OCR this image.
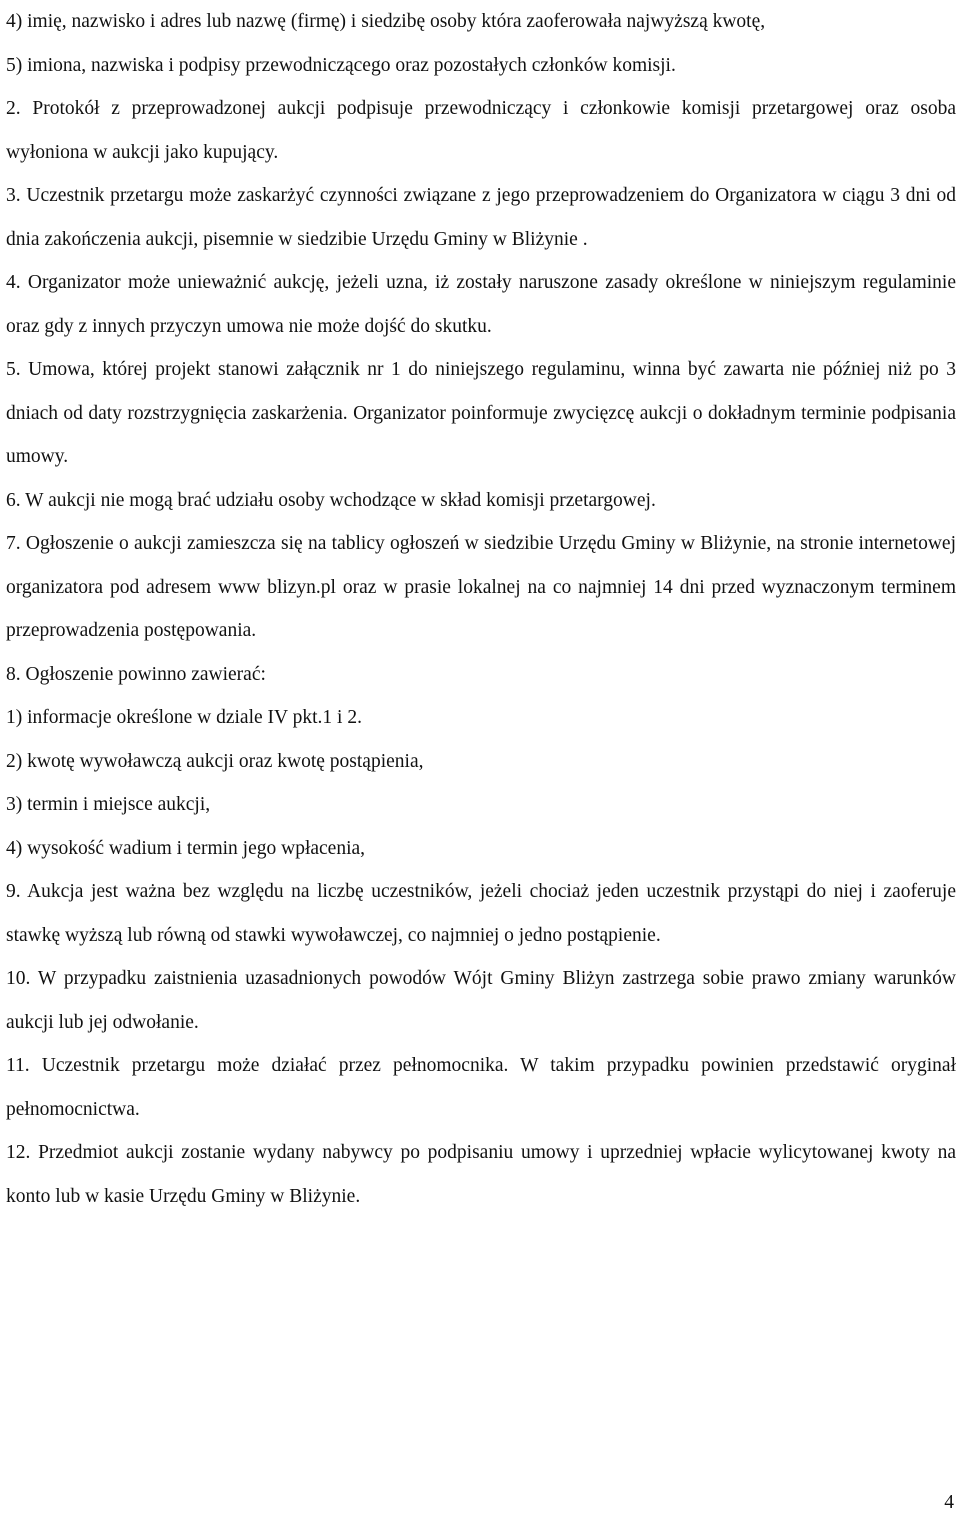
4) imię, nazwisko i adres lub nazwę (firmę) i siedzibę osoby która zaoferowała najwyższą kwotę,

5) imiona, nazwiska i podpisy przewodniczącego oraz pozostałych członków komisji.

2. Protokół z przeprowadzonej aukcji podpisuje przewodniczący i członkowie komisji przetargowej oraz osoba wyłoniona w aukcji jako kupujący.

3. Uczestnik przetargu może zaskarżyć czynności związane z jego przeprowadzeniem do Organizatora w ciągu 3 dni od dnia zakończenia aukcji, pisemnie w siedzibie Urzędu Gminy w Bliżynie .

4. Organizator może unieważnić aukcję, jeżeli uzna, iż zostały naruszone zasady określone w niniejszym regulaminie oraz gdy z innych przyczyn umowa nie może dojść do skutku.

5. Umowa, której projekt stanowi załącznik nr 1 do niniejszego regulaminu, winna być zawarta nie później niż po 3 dniach od daty rozstrzygnięcia zaskarżenia. Organizator poinformuje zwycięzcę aukcji o dokładnym terminie podpisania umowy.

6. W aukcji nie mogą brać udziału osoby wchodzące w skład komisji przetargowej.

7. Ogłoszenie o aukcji zamieszcza się na tablicy ogłoszeń w siedzibie Urzędu Gminy w Bliżynie, na stronie internetowej organizatora pod adresem www blizyn.pl oraz w prasie lokalnej na co najmniej 14 dni przed wyznaczonym terminem przeprowadzenia postępowania.

8. Ogłoszenie powinno zawierać:

1) informacje określone w dziale IV pkt.1 i 2.

2) kwotę wywoławczą aukcji oraz kwotę postąpienia,

3) termin i miejsce aukcji,

4) wysokość wadium i termin jego wpłacenia,

9. Aukcja jest ważna bez względu na liczbę uczestników, jeżeli chociaż jeden uczestnik przystąpi do niej i zaoferuje stawkę wyższą lub równą od stawki wywoławczej, co najmniej o jedno postąpienie.

10. W przypadku zaistnienia uzasadnionych powodów Wójt Gminy Bliżyn zastrzega sobie prawo zmiany warunków aukcji lub jej odwołanie.

11. Uczestnik przetargu może działać przez pełnomocnika. W takim przypadku powinien przedstawić oryginał pełnomocnictwa.

12. Przedmiot aukcji zostanie wydany nabywcy po podpisaniu umowy i uprzedniej wpłacie wylicytowanej kwoty na konto lub w kasie Urzędu Gminy w Bliżynie.

4
